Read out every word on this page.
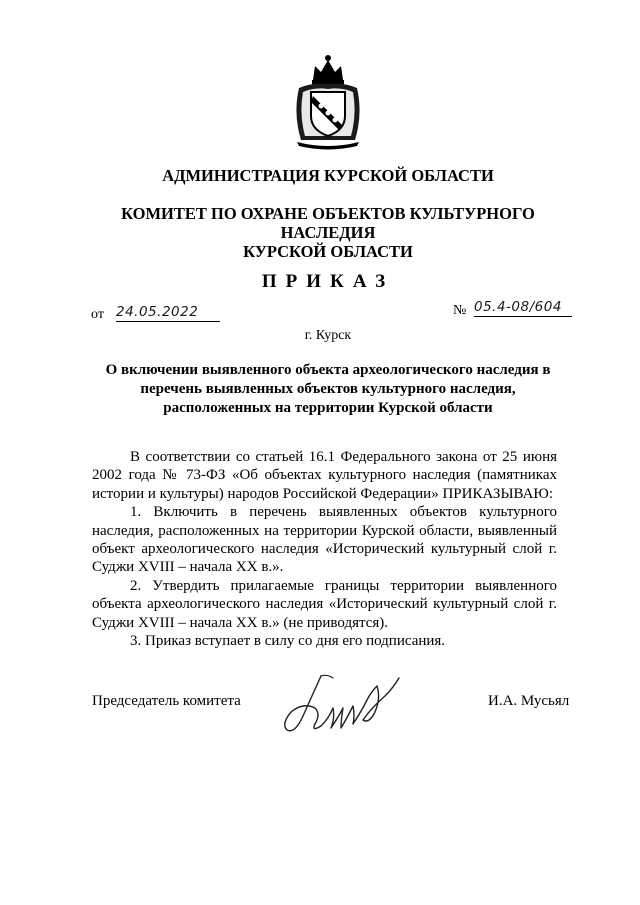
АДМИНИСТРАЦИЯ КУРСКОЙ ОБЛАСТИ
КОМИТЕТ ПО ОХРАНЕ ОБЪЕКТОВ КУЛЬТУРНОГО НАСЛЕДИЯ
КУРСКОЙ ОБЛАСТИ
ПРИКАЗ
от 24.05.2022	№ 05.4-08/604
г. Курск
О включении выявленного объекта археологического наследия в
перечень выявленных объектов культурного наследия,
расположенных на территории Курской области

В соответствии со статьей 16.1 Федерального закона от 25 июня 2002 года № 73-ФЗ «Об объектах культурного наследия (памятниках истории и культуры) народов Российской Федерации» ПРИКАЗЫВАЮ:

1. Включить в перечень выявленных объектов культурного наследия, расположенных на территории Курской области, выявленный объект археологического наследия «Исторический культурный слой г. Суджи XVIII – начала XX в.».

2. Утвердить прилагаемые границы территории выявленного объекта археологического наследия «Исторический культурный слой г. Суджи XVIII – начала XX в.» (не приводятся).

3. Приказ вступает в силу со дня его подписания.

Председатель комитета	И.А. Мусьял
